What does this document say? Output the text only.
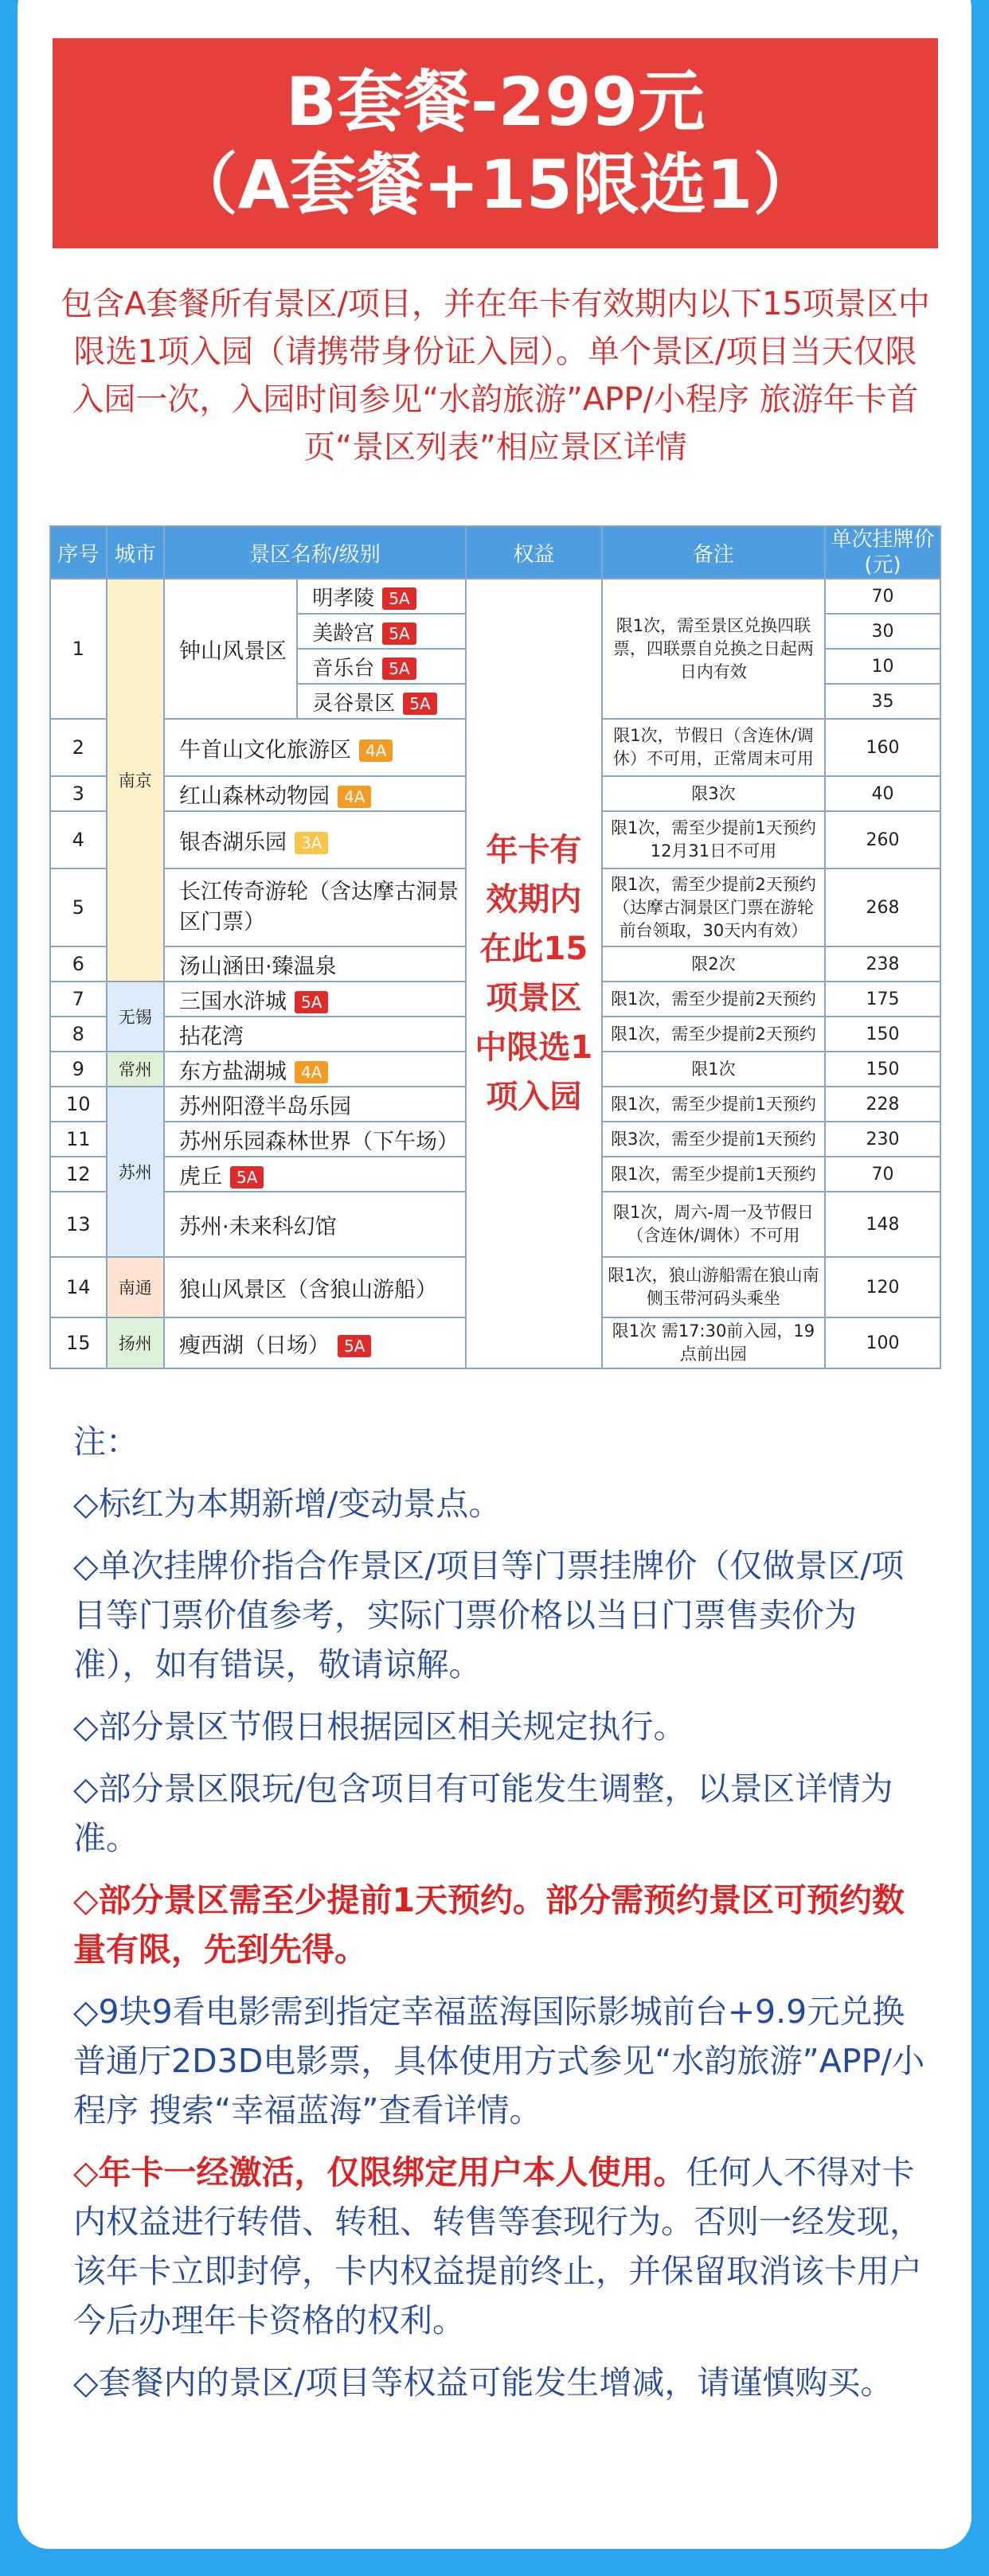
B套餐-299元
（A套餐+15限选1）
包含A套餐所有景区/项目，并在年卡有效期内以下15项景区中限选1项入园（请携带身份证入园）。单个景区/项目当天仅限入园一次，入园时间参见“水韵旅游”APP/小程序 旅游年卡首页“景区列表”相应景区详情
序号	城市	景区名称/级别		权益	备注	单次挂牌价(元)
1	南京	钟山风景区	明孝陵 5A	年卡有效期内在此15项景区中限选1项入园	限1次，需至景区兑换四联票，四联票自兑换之日起两日内有效	70
			美龄宫 5A			30
			音乐台 5A			10
			灵谷景区 5A			35
2		牛首山文化旅游区 4A			限1次，节假日（含连休/调休）不可用，正常周末可用	160
3		红山森林动物园 4A			限3次	40
4		银杏湖乐园 3A			限1次，需至少提前1天预约 12月31日不可用	260
5		长江传奇游轮（含达摩古洞景区门票）			限1次，需至少提前2天预约（达摩古洞景区门票在游轮前台领取，30天内有效）	268
6		汤山涵田·臻温泉			限2次	238
7	无锡	三国水浒城 5A			限1次，需至少提前2天预约	175
8		拈花湾			限1次，需至少提前2天预约	150
9	常州	东方盐湖城 4A			限1次	150
10	苏州	苏州阳澄半岛乐园			限1次，需至少提前1天预约	228
11		苏州乐园森林世界（下午场）			限3次，需至少提前1天预约	230
12		虎丘 5A			限1次，需至少提前1天预约	70
13		苏州·未来科幻馆			限1次，周六-周一及节假日（含连休/调休）不可用	148
14	南通	狼山风景区（含狼山游船）			限1次，狼山游船需在狼山南侧玉带河码头乘坐	120
15	扬州	瘦西湖（日场） 5A			限1次 需17:30前入园，19点前出园	100

注：

◇标红为本期新增/变动景点。

◇单次挂牌价指合作景区/项目等门票挂牌价（仅做景区/项目等门票价值参考，实际门票价格以当日门票售卖价为准），如有错误，敬请谅解。

◇部分景区节假日根据园区相关规定执行。

◇部分景区限玩/包含项目有可能发生调整，以景区详情为准。

◇部分景区需至少提前1天预约。部分需预约景区可预约数量有限，先到先得。

◇9块9看电影需到指定幸福蓝海国际影城前台+9.9元兑换普通厅2D3D电影票，具体使用方式参见“水韵旅游”APP/小程序 搜索“幸福蓝海”查看详情。

◇年卡一经激活，仅限绑定用户本人使用。任何人不得对卡内权益进行转借、转租、转售等套现行为。否则一经发现，该年卡立即封停，卡内权益提前终止，并保留取消该卡用户今后办理年卡资格的权利。

◇套餐内的景区/项目等权益可能发生增减，请谨慎购买。
